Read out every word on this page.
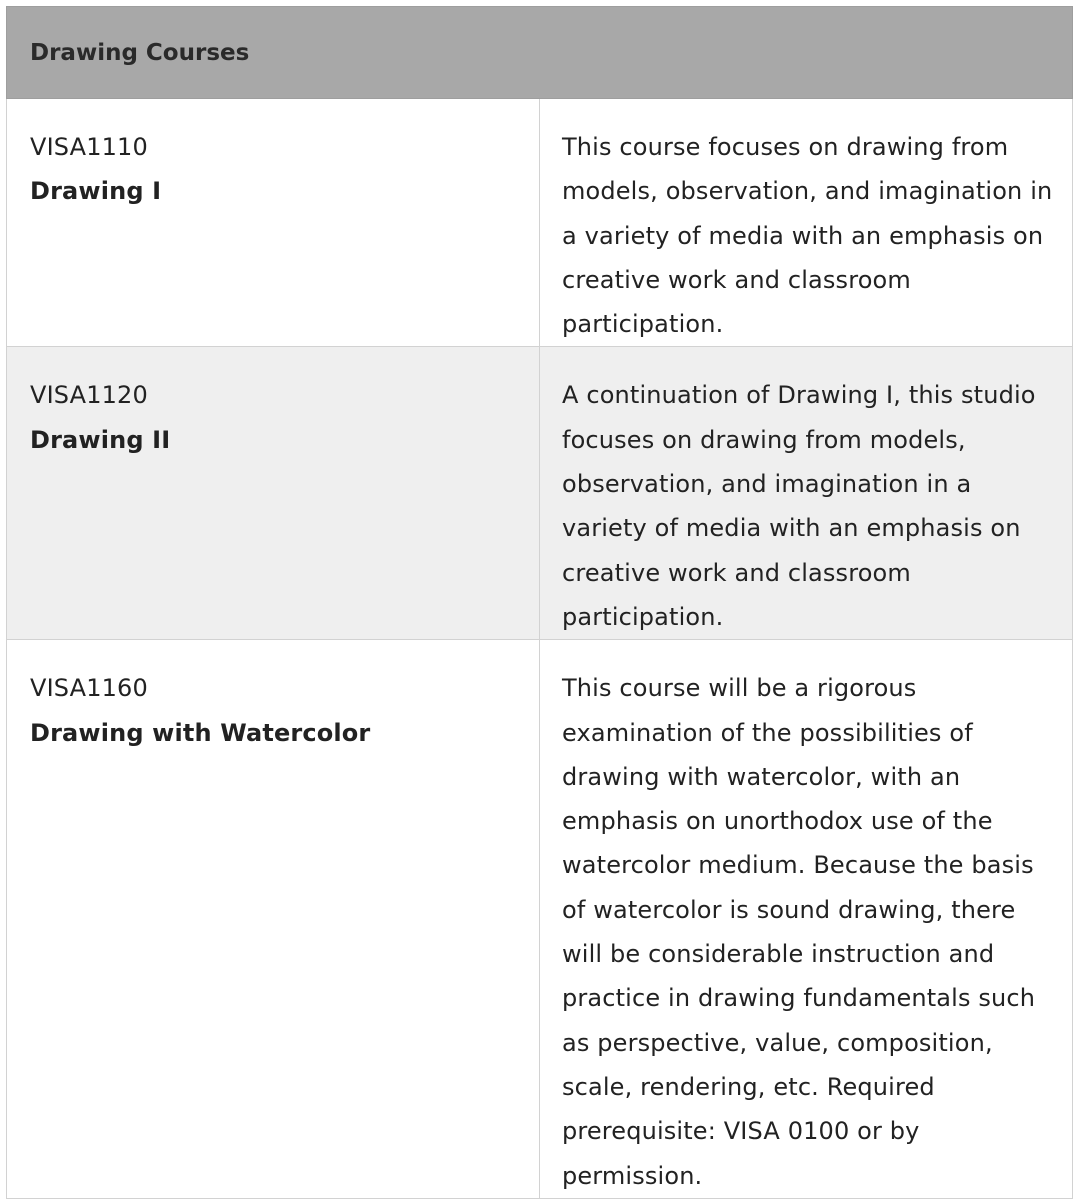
Drawing Courses	

VISA1110
Drawing I	This course focuses on drawing from models, observation, and imagination in a variety of media with an emphasis on creative work and classroom participation.

VISA1120
Drawing II	A continuation of Drawing I, this studio focuses on drawing from models, observation, and imagination in a variety of media with an emphasis on creative work and classroom participation.

VISA1160
Drawing with Watercolor	This course will be a rigorous examination of the possibilities of drawing with watercolor, with an emphasis on unorthodox use of the watercolor medium. Because the basis of watercolor is sound drawing, there will be considerable instruction and practice in drawing fundamentals such as perspective, value, composition, scale, rendering, etc. Required prerequisite: VISA 0100 or by permission.
